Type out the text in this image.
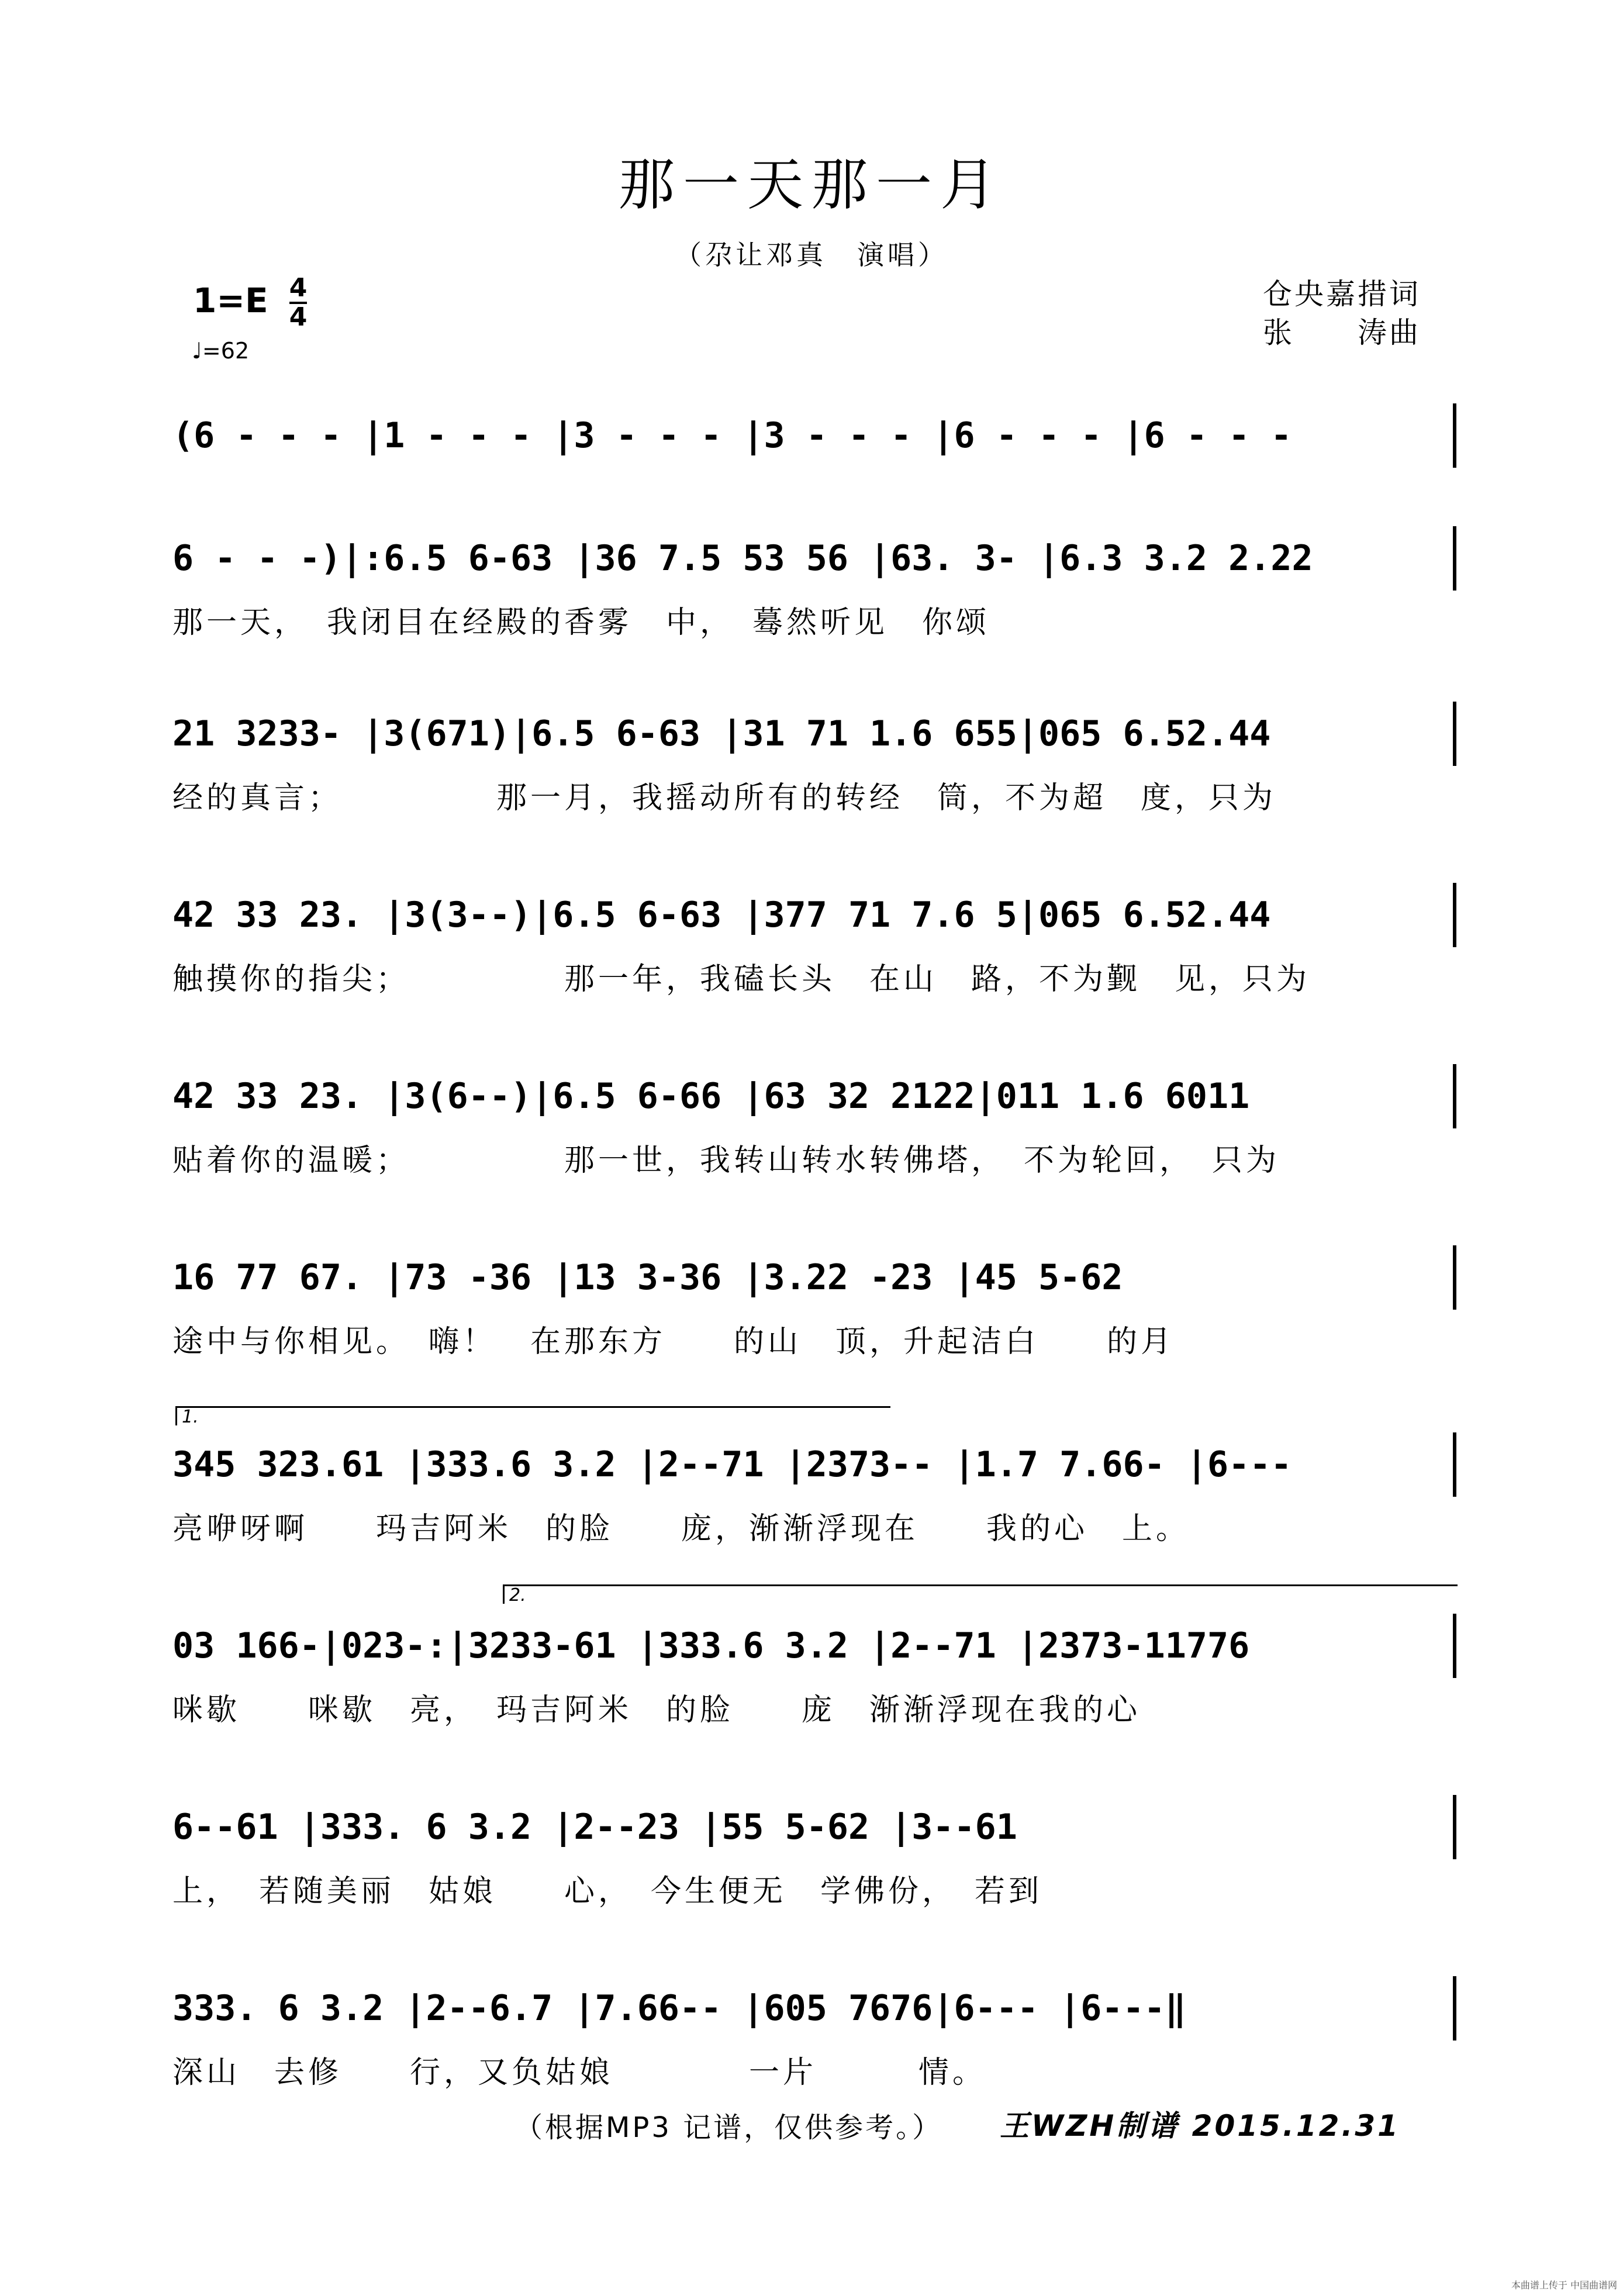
那一天那一月
（尕让邓真　演唱）
$1=E \frac{4}{4}$
♩=62
仓央嘉措词
张　　涛曲
(6 - - - |1 - - - |3 - - - |3 - - - |6 - - - |6 - - -
6 - - -)|:6.5 6-63 |36 7.5 53 56 |63. 3- |6.3 3.2 2.22
那一天，　我闭目在经殿的香雾　中，　蓦然听见　你颂
21 3233- |3(671)|6.5 6-63 |31 71 1.6 655|065 6.52.44
经的真言；　　　　　那一月，我摇动所有的转经　筒，不为超　度，只为
42 33 23. |3(3--)|6.5 6-63 |377 71 7.6 5|065 6.52.44
触摸你的指尖；　　　　　那一年，我磕长头　在山　路，不为觐　见，只为
42 33 23. |3(6--)|6.5 6-66 |63 32 2122|011 1.6 6011
贴着你的温暖；　　　　　那一世，我转山转水转佛塔，　不为轮回，　只为
16 77 67. |73 -36 |13 3-36 |3.22 -23 |45 5-62
途中与你相见。　嗨！　在那东方　　的山　顶，升起洁白　　的月
1.
345 323.61 |333.6 3.2 |2--71 |2373-- |1.7 7.66- |6---
亮咿呀啊　　玛吉阿米　的脸　　庞，渐渐浮现在　　我的心　上。
2.
03 166-|023-:|3233-61 |333.6 3.2 |2--71 |2373-11776
咪歇　　咪歇　亮，　玛吉阿米　的脸　　庞　渐渐浮现在我的心
6--61 |333. 6 3.2 |2--23 |55 5-62 |3--61
上，　若随美丽　姑娘　　心，　今生便无　学佛份，　若到
333. 6 3.2 |2--6.7 |7.66-- |605 7676|6--- |6---‖
深山　去修　　行，又负姑娘　　　　一片　　　情。
（根据MP3 记谱，仅供参考。） 王WZH制谱 2015.12.31
本曲谱上传于 中国曲谱网
